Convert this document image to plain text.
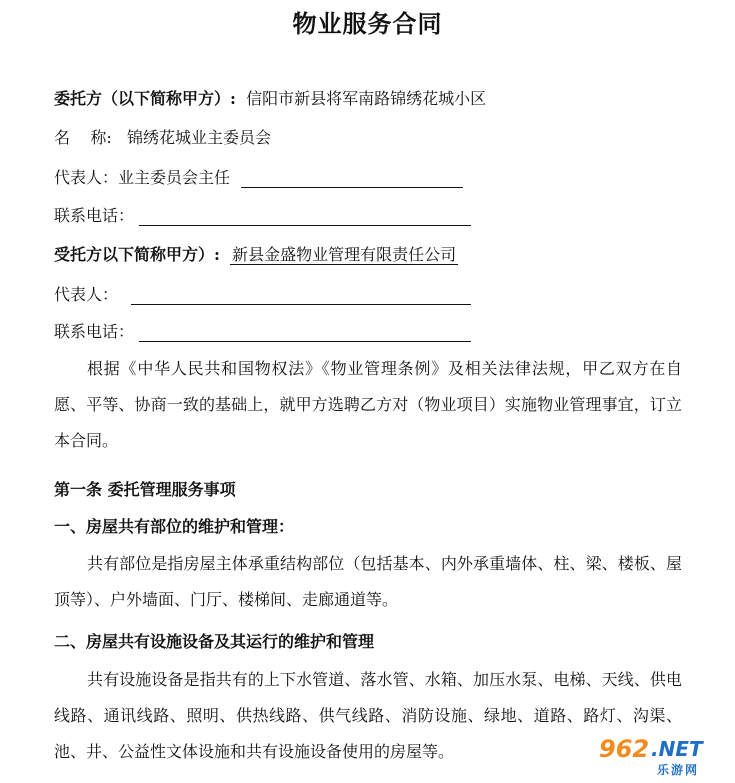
物业服务合同
委托方（以下简称甲方）: 信阳市新县将军南路锦绣花城小区
名    称: 锦绣花城业主委员会
代表人：业主委员会主任
联系电话：
受托方以下简称甲方）: 新县金盛物业管理有限责任公司
代表人：
联系电话：
根据《中华人民共和国物权法》《物业管理条例》及相关法律法规，甲乙双方在自愿、平等、协商一致的基础上，就甲方选聘乙方对（物业项目）实施物业管理事宜，订立本合同。
第一条 委托管理服务事项
一、房屋共有部位的维护和管理：
共有部位是指房屋主体承重结构部位（包括基本、内外承重墙体、柱、梁、楼板、屋顶等）、户外墙面、门厅、楼梯间、走廊通道等。
二、房屋共有设施设备及其运行的维护和管理
共有设施设备是指共有的上下水管道、落水管、水箱、加压水泵、电梯、天线、供电线路、通讯线路、照明、供热线路、供气线路、消防设施、绿地、道路、路灯、沟渠、池、井、公益性文体设施和共有设施设备使用的房屋等。	962 .NET
乐游网
